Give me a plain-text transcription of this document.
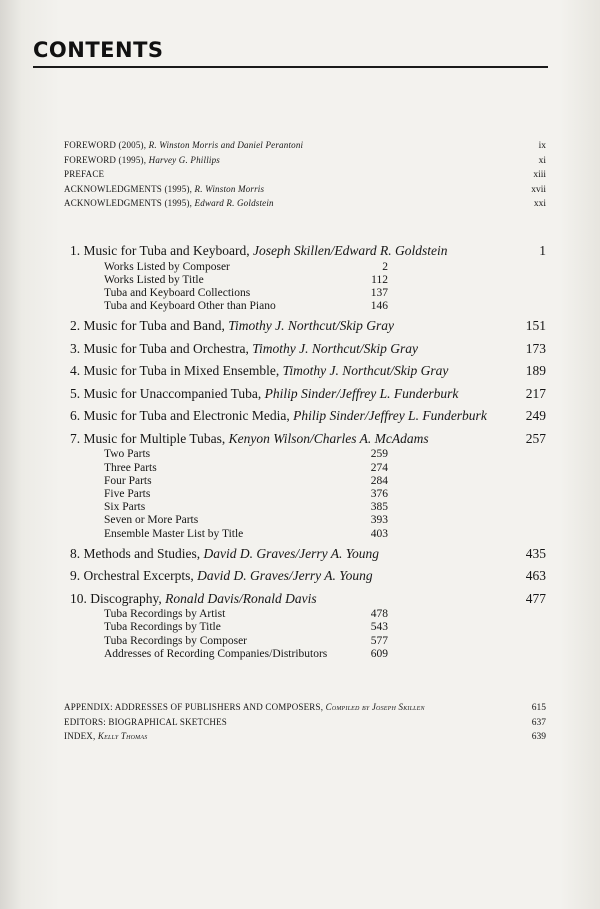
CONTENTS
FOREWORD (2005), R. Winston Morris and Daniel Perantoni	ix
FOREWORD (1995), Harvey G. Phillips	xi
PREFACE	xiii
ACKNOWLEDGMENTS (1995), R. Winston Morris	xvii
ACKNOWLEDGMENTS (1995), Edward R. Goldstein	xxi
1. Music for Tuba and Keyboard, Joseph Skillen/Edward R. Goldstein	1
Works Listed by Composer	2
Works Listed by Title	112
Tuba and Keyboard Collections	137
Tuba and Keyboard Other than Piano	146
2. Music for Tuba and Band, Timothy J. Northcut/Skip Gray	151
3. Music for Tuba and Orchestra, Timothy J. Northcut/Skip Gray	173
4. Music for Tuba in Mixed Ensemble, Timothy J. Northcut/Skip Gray	189
5. Music for Unaccompanied Tuba, Philip Sinder/Jeffrey L. Funderburk	217
6. Music for Tuba and Electronic Media, Philip Sinder/Jeffrey L. Funderburk	249
7. Music for Multiple Tubas, Kenyon Wilson/Charles A. McAdams	257
Two Parts	259
Three Parts	274
Four Parts	284
Five Parts	376
Six Parts	385
Seven or More Parts	393
Ensemble Master List by Title	403
8. Methods and Studies, David D. Graves/Jerry A. Young	435
9. Orchestral Excerpts, David D. Graves/Jerry A. Young	463
10. Discography, Ronald Davis/Ronald Davis	477
Tuba Recordings by Artist	478
Tuba Recordings by Title	543
Tuba Recordings by Composer	577
Addresses of Recording Companies/Distributors	609
APPENDIX: ADDRESSES OF PUBLISHERS AND COMPOSERS, Compiled by Joseph Skillen	615
EDITORS: BIOGRAPHICAL SKETCHES	637
INDEX, Kelly Thomas	639
